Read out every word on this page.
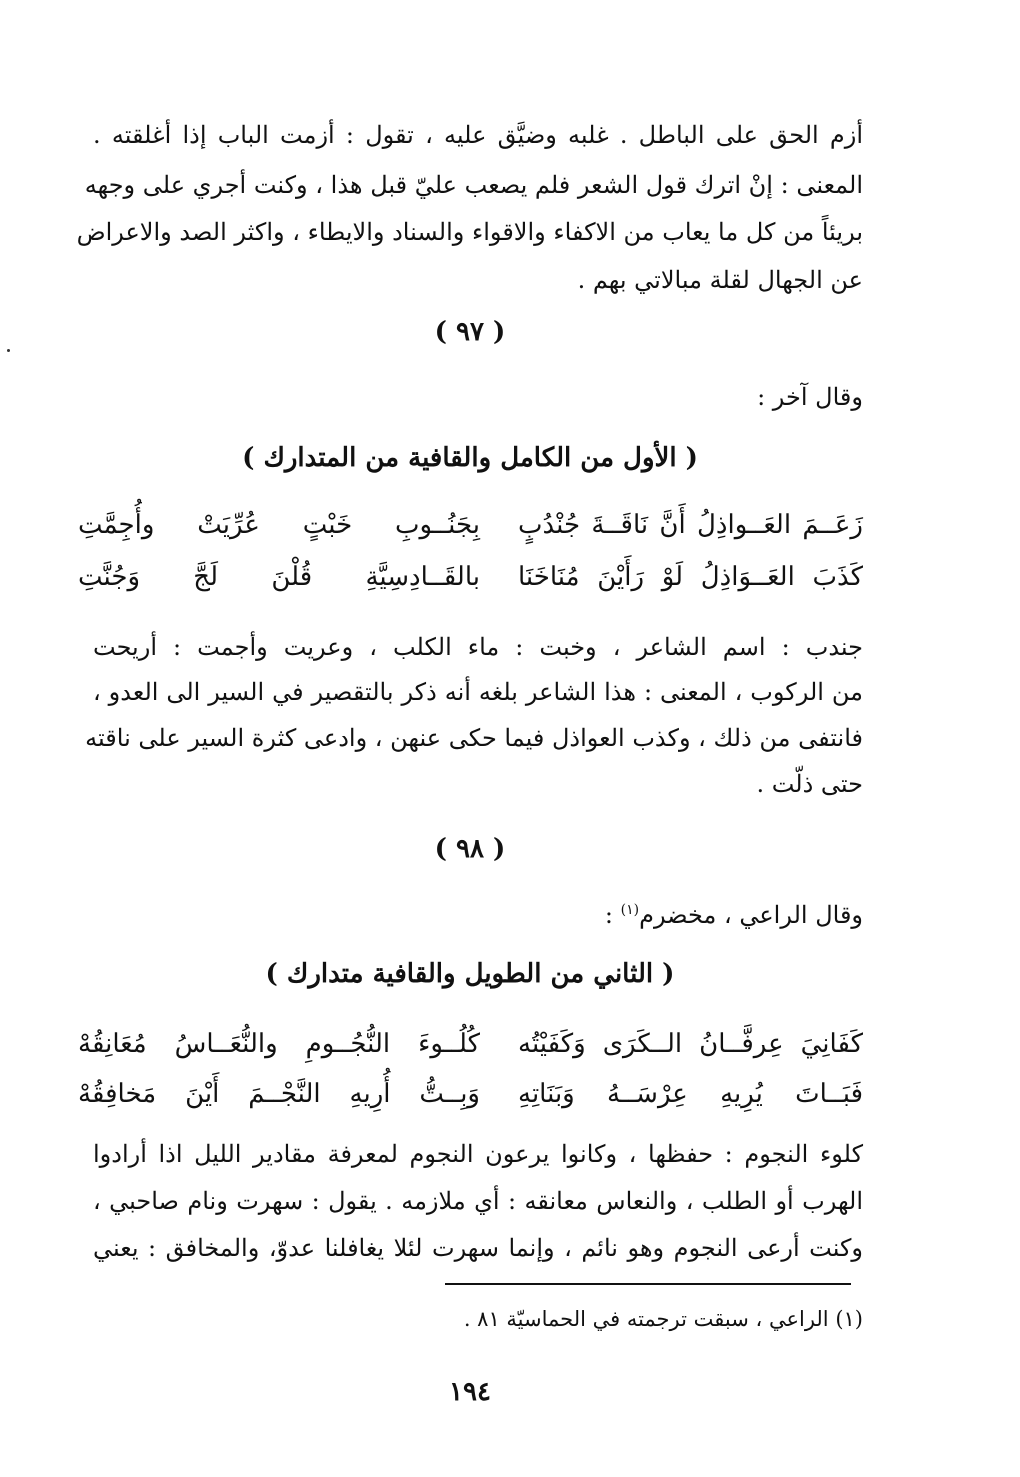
أزم الحق على الباطل . غلبه وضيَّق عليه ، تقول : أزمت الباب إذا أغلقته .
المعنى : إنْ اترك قول الشعر فلم يصعب عليّ قبل هذا ، وكنت أجري على وجهه
بريئاً من كل ما يعاب من الاكفاء والاقواء والسناد والايطاء ، واكثر الصد والاعراض
عن الجهال لقلة مبالاتي بهم .
( ٩٧ )
وقال آخر :
( الأول من الكامل والقافية من المتدارك )
زَعَــمَ العَــواذِلُ أَنَّ نَاقَــةَ جُنْدُبٍ
بِجَنُــوبِ خَبْتٍ عُرِّيَتْ وأُجِمَّتِ
كَذَبَ العَــوَاذِلُ لَوْ رَأَيْنَ مُنَاخَنَا
بالقَــادِسِيَّةِ قُلْنَ لَجَّ وَجُنَّتِ
جندب : اسم الشاعر ، وخبت : ماء الكلب ، وعريت وأجمت : أريحت
من الركوب ، المعنى : هذا الشاعر بلغه أنه ذكر بالتقصير في السير الى العدو ،
فانتفى من ذلك ، وكذب العواذل فيما حكى عنهن ، وادعى كثرة السير على ناقته
حتى ذلّت .
( ٩٨ )
وقال الراعي ، مخضرم$^{(١)}$ :
( الثاني من الطويل والقافية متدارك )
كَفَانِيَ عِرفَّــانُ الــكَرَى وَكَفَيْتُه
كُلُــوءَ النُّجُــومِ والنُّعَــاسُ مُعَانِقُهْ
فَبَــاتَ يُرِيهِ عِرْسَــهُ وَبَنَاتِهِ
وَبِــتُّ أُرِيهِ النَّجْــمَ أَيْنَ مَخافِقُهْ
كلوء النجوم : حفظها ، وكانوا يرعون النجوم لمعرفة مقادير الليل اذا أرادوا
الهرب أو الطلب ، والنعاس معانقه : أي ملازمه . يقول : سهرت ونام صاحبي ،
وكنت أرعى النجوم وهو نائم ، وإنما سهرت لئلا يغافلنا عدوّ، والمخافق : يعني
(١) الراعي ، سبقت ترجمته في الحماسيّة ٨١ .
١٩٤
